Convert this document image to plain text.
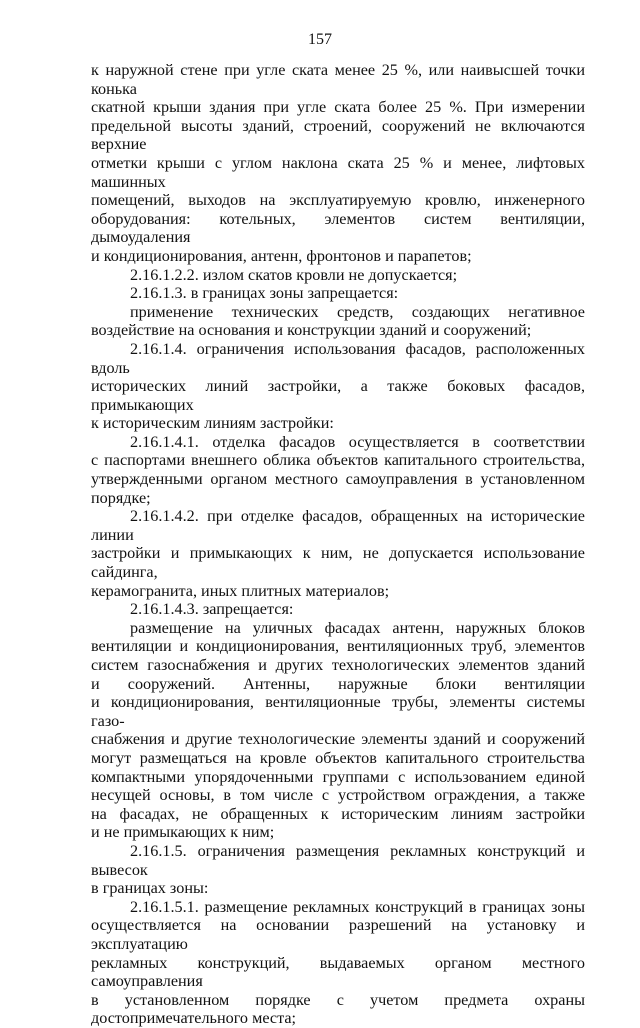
157
к наружной стене при угле ската менее 25 %, или наивысшей точки конька
скатной крыши здания при угле ската более 25 %. При измерении
предельной высоты зданий, строений, сооружений не включаются верхние
отметки крыши с углом наклона ската 25 % и менее, лифтовых машинных
помещений, выходов на эксплуатируемую кровлю, инженерного
оборудования: котельных, элементов систем вентиляции, дымоудаления
и кондиционирования, антенн, фронтонов и парапетов;
2.16.1.2.2. излом скатов кровли не допускается;
2.16.1.3. в границах зоны запрещается:
применение технических средств, создающих негативное
воздействие на основания и конструкции зданий и сооружений;
2.16.1.4. ограничения использования фасадов, расположенных вдоль
исторических линий застройки, а также боковых фасадов, примыкающих
к историческим линиям застройки:
2.16.1.4.1. отделка фасадов осуществляется в соответствии
с паспортами внешнего облика объектов капитального строительства,
утвержденными органом местного самоуправления в установленном
порядке;
2.16.1.4.2. при отделке фасадов, обращенных на исторические линии
застройки и примыкающих к ним, не допускается использование сайдинга,
керамогранита, иных плитных материалов;
2.16.1.4.3. запрещается:
размещение на уличных фасадах антенн, наружных блоков
вентиляции и кондиционирования, вентиляционных труб, элементов
систем газоснабжения и других технологических элементов зданий
и сооружений. Антенны, наружные блоки вентиляции
и кондиционирования, вентиляционные трубы, элементы системы газо-
снабжения и другие технологические элементы зданий и сооружений
могут размещаться на кровле объектов капитального строительства
компактными упорядоченными группами с использованием единой
несущей основы, в том числе с устройством ограждения, а также
на фасадах, не обращенных к историческим линиям застройки
и не примыкающих к ним;
2.16.1.5. ограничения размещения рекламных конструкций и вывесок
в границах зоны:
2.16.1.5.1. размещение рекламных конструкций в границах зоны
осуществляется на основании разрешений на установку и эксплуатацию
рекламных конструкций, выдаваемых органом местного самоуправления
в установленном порядке с учетом предмета охраны
достопримечательного места;
